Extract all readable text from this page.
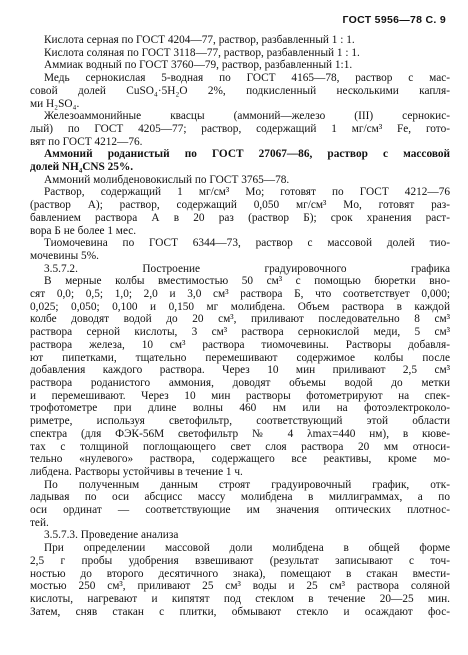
ГОСТ 5956—78 С. 9
Кислота серная по ГОСТ 4204—77, раствор, разбавленный 1 : 1.
Кислота соляная по ГОСТ 3118—77, раствор, разбавленный 1 : 1.
Аммиак водный по ГОСТ 3760—79, раствор, разбавленный 1:1.
Медь сернокислая 5-водная по ГОСТ 4165—78, раствор с мас-
совой долей CuSO₄·5H₂O 2%, подкисленный несколькими капля-
ми H₂SO₄.
Железоаммонийные квасцы (аммоний—железо (III) сернокис-
лый) по ГОСТ 4205—77; раствор, содержащий 1 мг/см³ Fe, гото-
вят по ГОСТ 4212—76.
Аммоний роданистый по ГОСТ 27067—86, раствор с массовой
долей NH₄CNS 25%.
Аммоний молибденовокислый по ГОСТ 3765—78.
Раствор, содержащий 1 мг/см³ Mo; готовят по ГОСТ 4212—76
(раствор А); раствор, содержащий 0,050 мг/см³ Mo, готовят раз-
бавлением раствора А в 20 раз (раствор Б); срок хранения раст-
вора Б не более 1 мес.
Тиомочевина по ГОСТ 6344—73, раствор с массовой долей тио-
мочевины 5%.
3.5.7.2. Построение градуировочного графика
В мерные колбы вместимостью 50 см³ с помощью бюретки вно-
сят 0,0; 0,5; 1,0; 2,0 и 3,0 см³ раствора Б, что соответствует 0,000;
0,025; 0,050; 0,100 и 0,150 мг молибдена. Объем раствора в каждой
колбе доводят водой до 20 см³, приливают последовательно 8 см³
раствора серной кислоты, 3 см³ раствора сернокислой меди, 5 см³
раствора железа, 10 см³ раствора тиомочевины. Растворы добавля-
ют пипетками, тщательно перемешивают содержимое колбы после
добавления каждого раствора. Через 10 мин приливают 2,5 см³
раствора роданистого аммония, доводят объемы водой до метки
и перемешивают. Через 10 мин растворы фотометрируют на спек-
трофотометре при длине волны 460 нм или на фотоэлектроколо-
риметре, используя светофильтр, соответствующий этой области
спектра (для ФЭК-56М светофильтр № 4 λmax=440 нм), в кюве-
тах с толщиной поглощающего свет слоя раствора 20 мм относи-
тельно «нулевого» раствора, содержащего все реактивы, кроме мо-
либдена. Растворы устойчивы в течение 1 ч.
По полученным данным строят градуировочный график, отк-
ладывая по оси абсцисс массу молибдена в миллиграммах, а по
оси ординат — соответствующие им значения оптических плотнос-
тей.
3.5.7.3. Проведение анализа
При определении массовой доли молибдена в общей форме
2,5 г пробы удобрения взвешивают (результат записывают с точ-
ностью до второго десятичного знака), помещают в стакан вмести-
мостью 250 см³, приливают 25 см³ воды и 25 см³ раствора соляной
кислоты, нагревают и кипятят под стеклом в течение 20—25 мин.
Затем, сняв стакан с плитки, обмывают стекло и осаждают фос-
